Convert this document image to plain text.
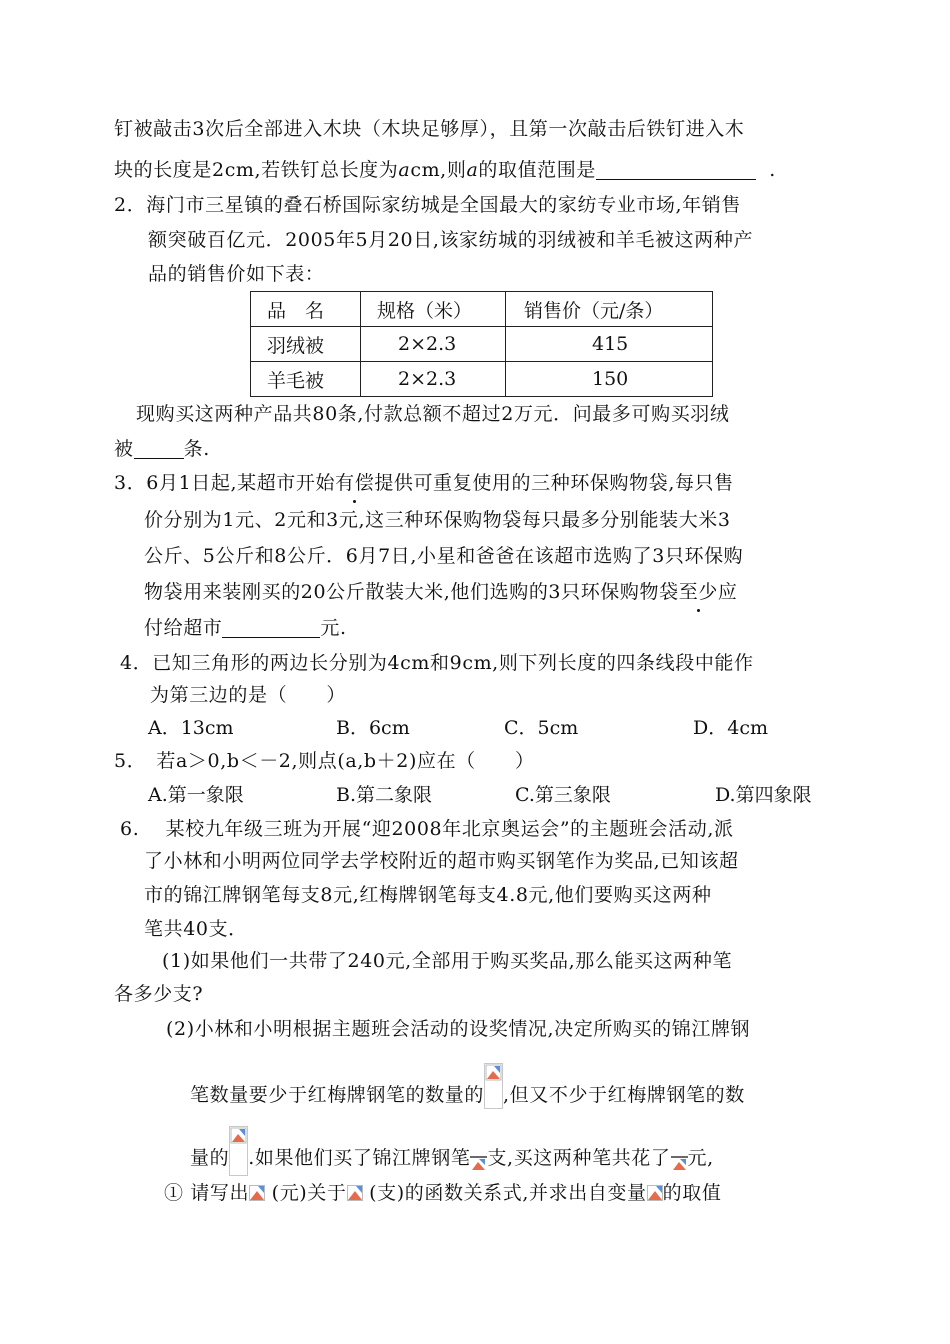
钉被敲击3次后全部进入木块（木块足够厚），且第一次敲击后铁钉进入木
块的长度是2cm,若铁钉总长度为acm,则a的取值范围是	.
2．海门市三星镇的叠石桥国际家纺城是全国最大的家纺专业市场,年销售
额突破百亿元．2005年5月20日,该家纺城的羽绒被和羊毛被这两种产
品的销售价如下表：
品　名	规格（米）	销售价（元/条）
羽绒被	2×2.3	415
羊毛被	2×2.3	150
现购买这两种产品共80条,付款总额不超过2万元．问最多可购买羽绒
被	条.
3．6月1日起,某超市开始有偿提供可重复使用的三种环保购物袋,每只售
价分别为1元、2元和3元,这三种环保购物袋每只最多分别能装大米3
公斤、5公斤和8公斤．6月7日,小星和爸爸在该超市选购了3只环保购
物袋用来装刚买的20公斤散装大米,他们选购的3只环保购物袋至少应
付给超市	元.
4．已知三角形的两边长分别为4cm和9cm,则下列长度的四条线段中能作
为第三边的是（　　）
A．13cm	B．6cm	C．5cm	D．4cm
5．　若a＞0,b＜－2,则点(a,b＋2)应在（　　）
A.第一象限	B.第二象限	C.第三象限	D.第四象限
6.　 某校九年级三班为开展“迎2008年北京奥运会”的主题班会活动,派
了小林和小明两位同学去学校附近的超市购买钢笔作为奖品,已知该超
市的锦江牌钢笔每支8元,红梅牌钢笔每支4.8元,他们要购买这两种
笔共40支．
(1)如果他们一共带了240元,全部用于购买奖品,那么能买这两种笔
各多少支?
(2)小林和小明根据主题班会活动的设奖情况,决定所购买的锦江牌钢
笔数量要少于红梅牌钢笔的数量的 ,但又不少于红梅牌钢笔的数
量的 .如果他们买了锦江牌钢笔 支,买这两种笔共花了 元,
① 请写出
(元)关于
(支)的函数关系式,并求出自变量 的取值
